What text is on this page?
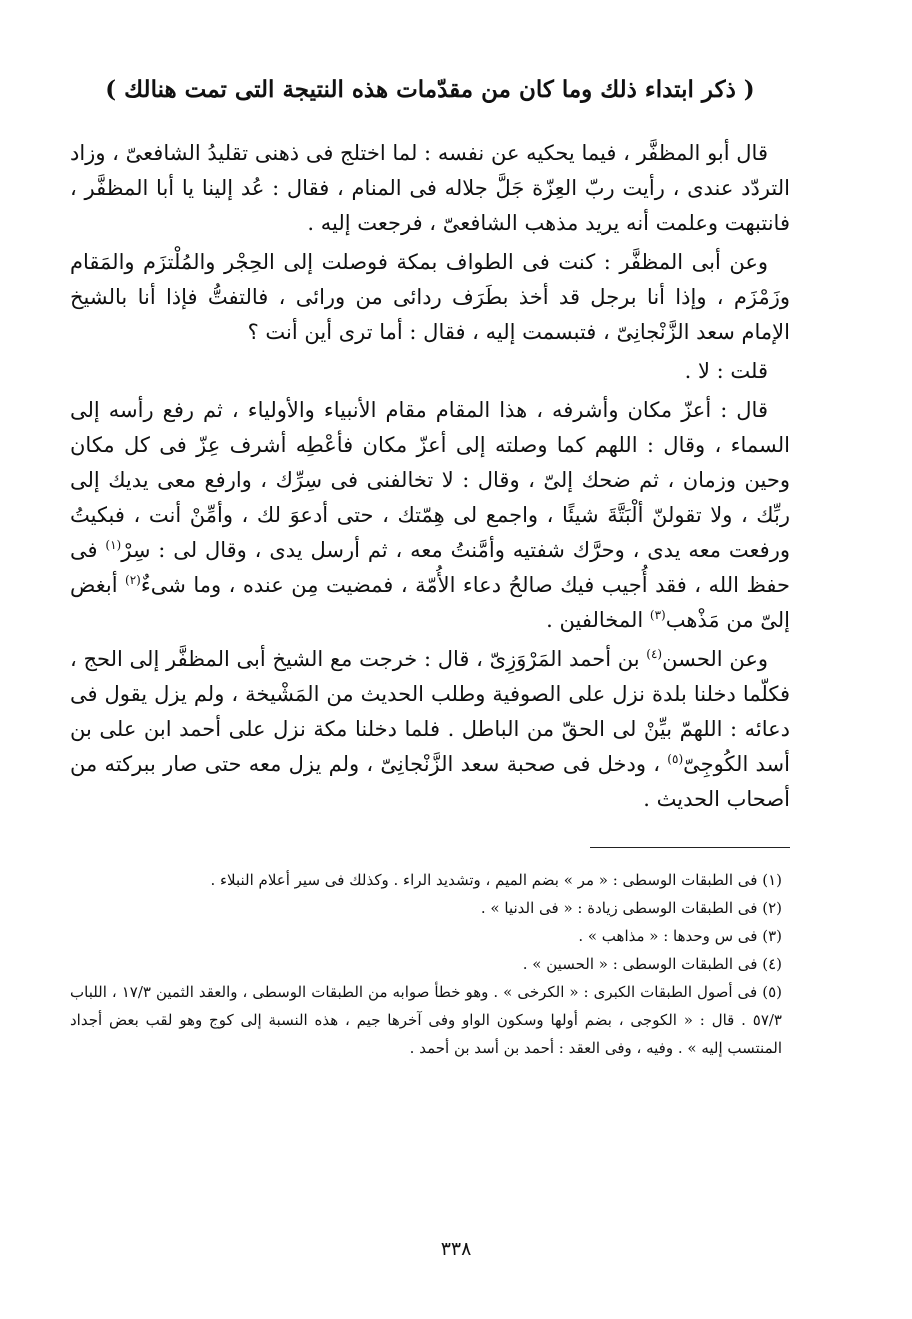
( ذكر ابتداء ذلك وما كان من مقدّمات هذه النتيجة التى تمت هنالك )

قال أبو المظفَّر ، فيما يحكيه عن نفسه : لما اختلج فى ذهنى تقليدُ الشافعىّ ، وزاد التردّد عندى ، رأيت ربّ العِزّة جَلَّ جلاله فى المنام ، فقال : عُد إلينا يا أبا المظفَّر ، فانتبهت وعلمت أنه يريد مذهب الشافعىّ ، فرجعت إليه .

وعن أبى المظفَّر : كنت فى الطواف بمكة فوصلت إلى الحِجْر والمُلْتزَم والمَقام وزَمْزَم ، وإذا أنا برجل قد أخذ بطَرَف ردائى من ورائى ، فالتفتُّ فإذا أنا بالشيخ الإمام سعد الزَّنْجانِىّ ، فتبسمت إليه ، فقال : أما ترى أين أنت ؟

قلت : لا .

قال : أعزّ مكان وأشرفه ، هذا المقام مقام الأنبياء والأولياء ، ثم رفع رأسه إلى السماء ، وقال : اللهم كما وصلته إلى أعزّ مكان فأعْطِه أشرف عِزّ فى كل مكان وحين وزمان ، ثم ضحك إلىّ ، وقال : لا تخالفنى فى سِرِّك ، وارفع معى يديك إلى ربِّك ، ولا تقولنّ ألْبَتَّةَ شيئًا ، واجمع لى هِمّتك ، حتى أدعوَ لك ، وأمِّنْ أنت ، فبكيتُ ورفعت معه يدى ، وحرَّك شفتيه وأمَّنتُ معه ، ثم أرسل يدى ، وقال لى : سِرْ$^{(١)}$ فى حفظ الله ، فقد أُجيب فيك صالحُ دعاء الأُمّة ، فمضيت مِن عنده ، وما شىءٌ$^{(٢)}$ أبغض إلىّ من مَذْهب$^{(٣)}$ المخالفين .

وعن الحسن$^{(٤)}$ بن أحمد المَرْوَزِىّ ، قال : خرجت مع الشيخ أبى المظفَّر إلى الحج ، فكلّما دخلنا بلدة نزل على الصوفية وطلب الحديث من المَشْيخة ، ولم يزل يقول فى دعائه : اللهمّ بيِّنْ لى الحقّ من الباطل . فلما دخلنا مكة نزل على أحمد ابن على بن أسد الكُوجِىّ$^{(٥)}$ ، ودخل فى صحبة سعد الزَّنْجانِىّ ، ولم يزل معه حتى صار ببركته من أصحاب الحديث .

(١) فى الطبقات الوسطى : « مر » بضم الميم ، وتشديد الراء . وكذلك فى سير أعلام النبلاء .

(٢) فى الطبقات الوسطى زيادة : « فى الدنيا » .

(٣) فى س وحدها : « مذاهب » .

(٤) فى الطبقات الوسطى : « الحسين » .

(٥) فى أصول الطبقات الكبرى : « الكرخى » . وهو خطأ صوابه من الطبقات الوسطى ، والعقد الثمين ١٧/٣ ، اللباب ٥٧/٣ . قال : « الكوجى ، بضم أولها وسكون الواو وفى آخرها جيم ، هذه النسبة إلى كوج وهو لقب بعض أجداد المنتسب إليه » . وفيه ، وفى العقد : أحمد بن أسد بن أحمد .

٣٣٨
